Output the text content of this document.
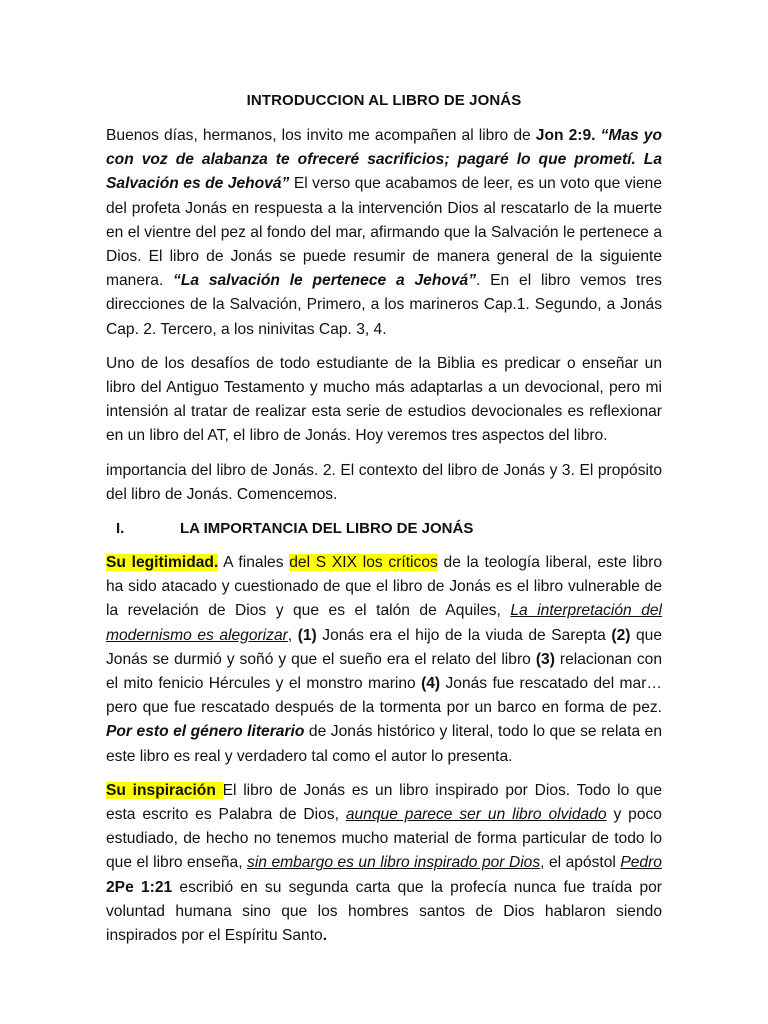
INTRODUCCION AL LIBRO DE JONÁS

Buenos días, hermanos, los invito me acompañen al libro de Jon 2:9. “Mas yo con voz de alabanza te ofreceré sacrificios; pagaré lo que prometí. La Salvación es de Jehová” El verso que acabamos de leer, es un voto que viene del profeta Jonás en respuesta a la intervención Dios al rescatarlo de la muerte en el vientre del pez al fondo del mar, afirmando que la Salvación le pertenece a Dios. El libro de Jonás se puede resumir de manera general de la siguiente manera. “La salvación le pertenece a Jehová”. En el libro vemos tres direcciones de la Salvación, Primero, a los marineros Cap.1. Segundo, a Jonás Cap. 2. Tercero, a los ninivitas Cap. 3, 4.

Uno de los desafíos de todo estudiante de la Biblia es predicar o enseñar un libro del Antiguo Testamento y mucho más adaptarlas a un devocional, pero mi intensión al tratar de realizar esta serie de estudios devocionales es reflexionar en un libro del AT, el libro de Jonás. Hoy veremos tres aspectos del libro.

importancia del libro de Jonás. 2. El contexto del libro de Jonás y 3. El propósito del libro de Jonás. Comencemos.

I.	LA IMPORTANCIA DEL LIBRO DE JONÁS

Su legitimidad. A finales del S XIX los críticos de la teología liberal, este libro ha sido atacado y cuestionado de que el libro de Jonás es el libro vulnerable de la revelación de Dios y que es el talón de Aquiles, La interpretación del modernismo es alegorizar, (1) Jonás era el hijo de la viuda de Sarepta (2) que Jonás se durmió y soñó y que el sueño era el relato del libro (3) relacionan con el mito fenicio Hércules y el monstro marino (4) Jonás fue rescatado del mar… pero que fue rescatado después de la tormenta por un barco en forma de pez. Por esto el género literario de Jonás histórico y literal, todo lo que se relata en este libro es real y verdadero tal como el autor lo presenta.

Su inspiración El libro de Jonás es un libro inspirado por Dios. Todo lo que esta escrito es Palabra de Dios, aunque parece ser un libro olvidado y poco estudiado, de hecho no tenemos mucho material de forma particular de todo lo que el libro enseña, sin embargo es un libro inspirado por Dios, el apóstol Pedro 2Pe 1:21 escribió en su segunda carta que la profecía nunca fue traída por voluntad humana sino que los hombres santos de Dios hablaron siendo inspirados por el Espíritu Santo.
